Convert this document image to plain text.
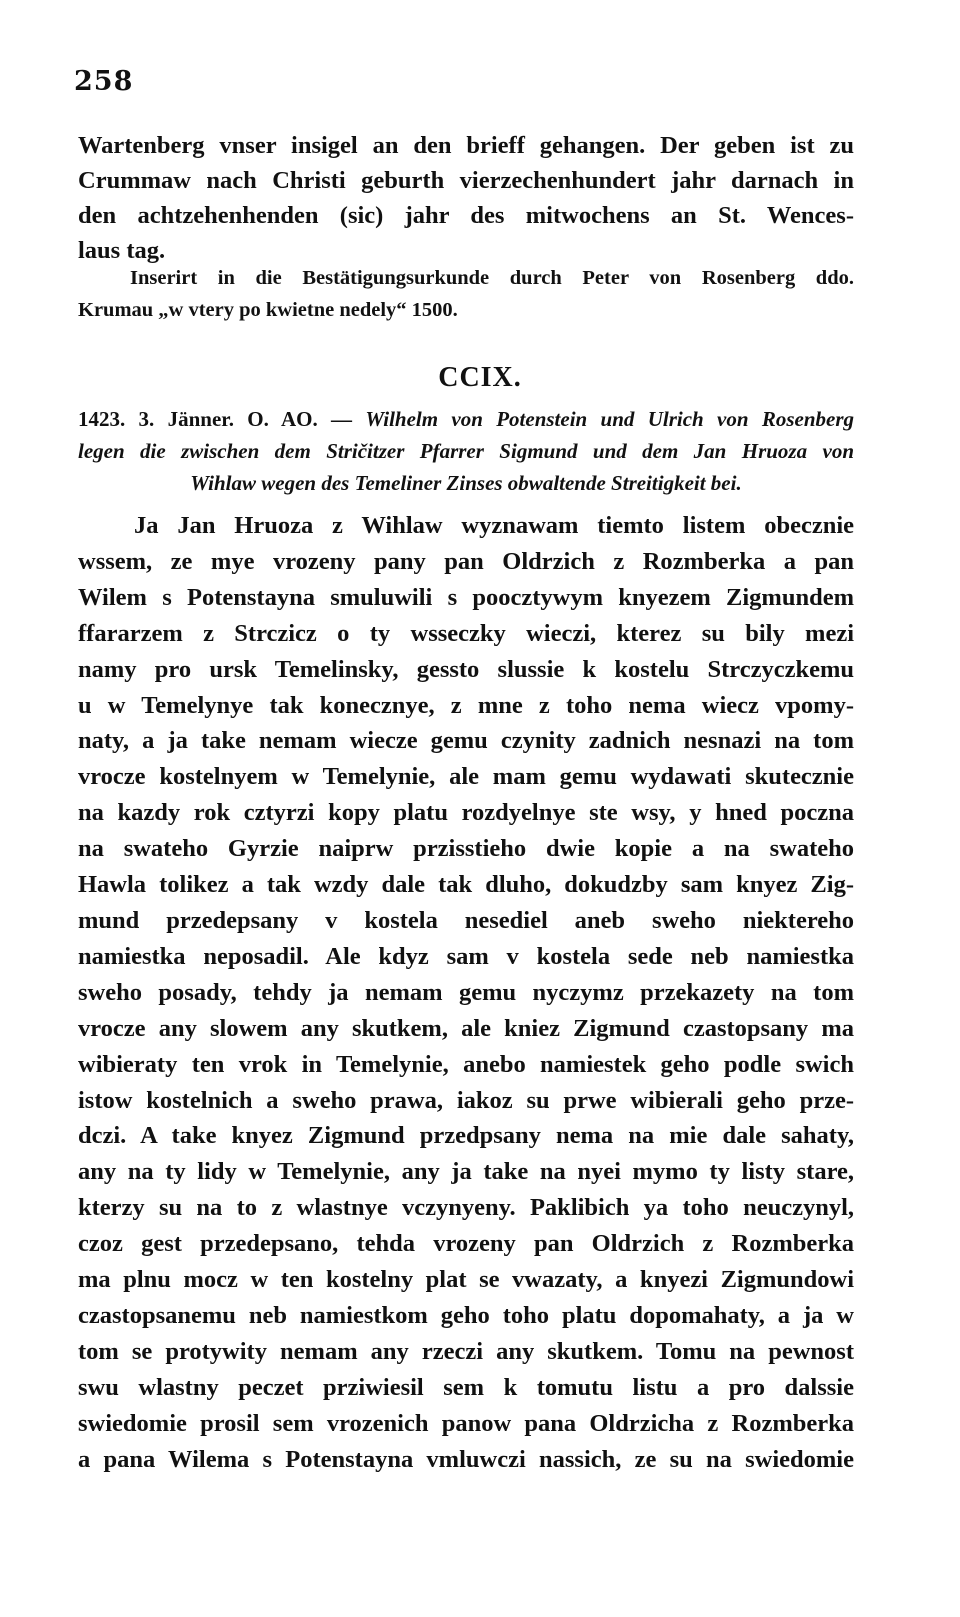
258
Wartenberg vnser insigel an den brieff gehangen. Der geben ist zu
Crummaw nach Christi geburth vierzechenhundert jahr darnach in
den achtzehenhenden (sic) jahr des mitwochens an St. Wences-
laus tag.
Inserirt in die Bestätigungsurkunde durch Peter von Rosenberg ddo.
Krumau „w vtery po kwietne nedely“ 1500.
CCIX.
1423. 3. Jänner. O. AO. — Wilhelm von Potenstein und Ulrich von Rosenberg
legen die zwischen dem Stričitzer Pfarrer Sigmund und dem Jan Hruoza von
Wihlaw wegen des Temeliner Zinses obwaltende Streitigkeit bei.
Ja Jan Hruoza z Wihlaw wyznawam tiemto listem obecznie
wssem, ze mye vrozeny pany pan Oldrzich z Rozmberka a pan
Wilem s Potenstayna smuluwili s poocztywym knyezem Zigmundem
ffararzem z Strczicz o ty wsseczky wieczi, kterez su bily mezi
namy pro ursk Temelinsky, gessto slussie k kostelu Strczyczkemu
u w Temelynye tak konecznye, z mne z toho nema wiecz vpomy-
naty, a ja take nemam wiecze gemu czynity zadnich nesnazi na tom
vrocze kostelnyem w Temelynie, ale mam gemu wydawati skutecznie
na kazdy rok cztyrzi kopy platu rozdyelnye ste wsy, y hned poczna
na swateho Gyrzie naiprw przisstieho dwie kopie a na swateho
Hawla tolikez a tak wzdy dale tak dluho, dokudzby sam knyez Zig-
mund przedepsany v kostela nesediel aneb sweho niektereho
namiestka neposadil. Ale kdyz sam v kostela sede neb namiestka
sweho posady, tehdy ja nemam gemu nyczymz przekazety na tom
vrocze any slowem any skutkem, ale kniez Zigmund czastopsany ma
wibieraty ten vrok in Temelynie, anebo namiestek geho podle swich
istow kostelnich a sweho prawa, iakoz su prwe wibierali geho prze-
dczi. A take knyez Zigmund przedpsany nema na mie dale sahaty,
any na ty lidy w Temelynie, any ja take na nyei mymo ty listy stare,
kterzy su na to z wlastnye vczynyeny. Paklibich ya toho neuczynyl,
czoz gest przedepsano, tehda vrozeny pan Oldrzich z Rozmberka
ma plnu mocz w ten kostelny plat se vwazaty, a knyezi Zigmundowi
czastopsanemu neb namiestkom geho toho platu dopomahaty, a ja w
tom se protywity nemam any rzeczi any skutkem. Tomu na pewnost
swu wlastny peczet prziwiesil sem k tomutu listu a pro dalssie
swiedomie prosil sem vrozenich panow pana Oldrzicha z Rozmberka
a pana Wilema s Potenstayna vmluwczi nassich, ze su na swiedomie
